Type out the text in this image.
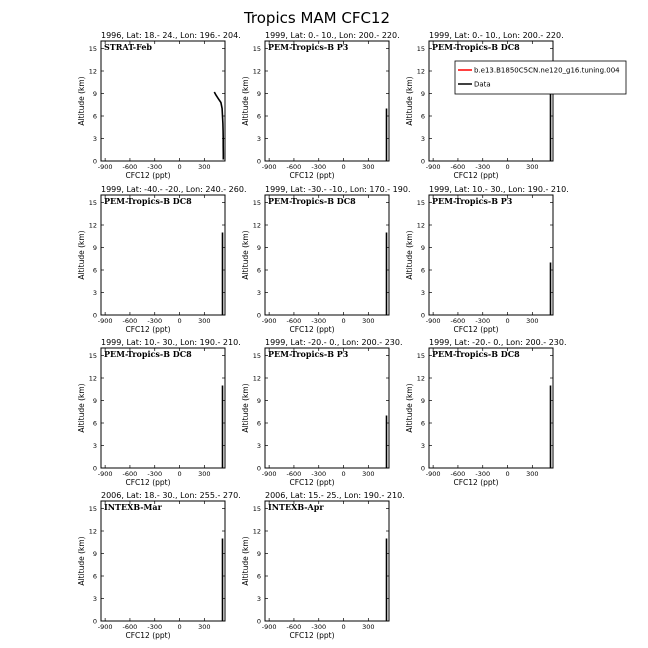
Tropics MAM CFC12
1996, Lat: 18.- 24., Lon: 196.- 204.
STRAT-Feb
-900 -600 -300 0	300
0
3
6
9
12
15
CFC12 (ppt)
Altitude (km)
1999, Lat: 0.- 10., Lon: 200.- 220.
PEM-Tropics-B P3
-900 -600 -300 0	300
0
3
6
9
12
15
CFC12 (ppt)
Altitude (km)
1999, Lat: 0.- 10., Lon: 200.- 220.
PEM-Tropics-B DC8
-900 -600 -300 0	300
0
3
6
9
12
15
CFC12 (ppt)
Altitude (km)
1999, Lat: -40.- -20., Lon: 240.- 260.
PEM-Tropics-B DC8
-900 -600 -300 0	300
0
3
6
9
12
15
CFC12 (ppt)
Altitude (km)
1999, Lat: -30.- -10., Lon: 170.- 190.
PEM-Tropics-B DC8
-900 -600 -300 0	300
0
3
6
9
12
15
CFC12 (ppt)
Altitude (km)
1999, Lat: 10.- 30., Lon: 190.- 210.
PEM-Tropics-B P3
-900 -600 -300 0	300
0
3
6
9
12
15
CFC12 (ppt)
Altitude (km)
1999, Lat: 10.- 30., Lon: 190.- 210.
PEM-Tropics-B DC8
-900 -600 -300 0	300
0
3
6
9
12
15
CFC12 (ppt)
Altitude (km)
1999, Lat: -20.- 0., Lon: 200.- 230.
PEM-Tropics-B P3
-900 -600 -300 0	300
0
3
6
9
12
15
CFC12 (ppt)
Altitude (km)
1999, Lat: -20.- 0., Lon: 200.- 230.
PEM-Tropics-B DC8
-900 -600 -300 0	300
0
3
6
9
12
15
CFC12 (ppt)
Altitude (km)
2006, Lat: 18.- 30., Lon: 255.- 270.
INTEXB-Mar
-900 -600 -300 0	300
0
3
6
9
12
15
CFC12 (ppt)
Altitude (km)
2006, Lat: 15.- 25., Lon: 190.- 210.
INTEXB-Apr
-900 -600 -300 0	300
0
3
6
9
12
15
CFC12 (ppt)
Altitude (km)
b.e13.B1850C5CN.ne120_g16.tuning.004
Data
